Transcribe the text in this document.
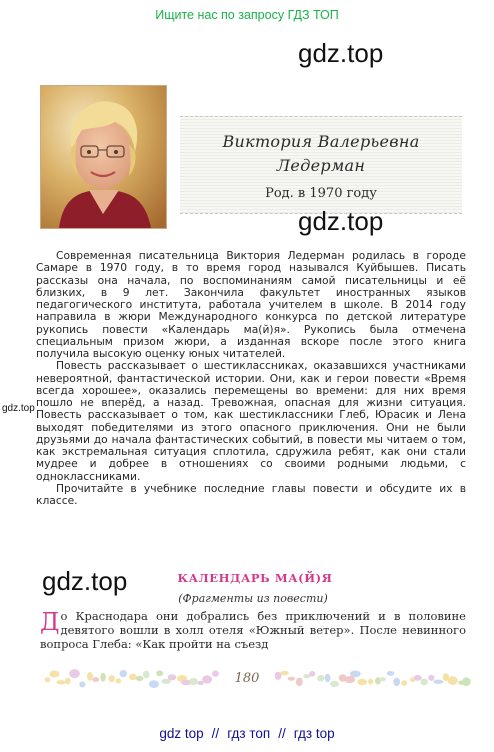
Ищите нас по запросу ГДЗ ТОП
gdz.top
Виктория Валерьевна
Ледерман
Род. в 1970 году
gdz.top

Современная писательница Виктория Ледерман родилась в городе Самаре в 1970 году, в то время город назывался Куйбышев. Писать рассказы она начала, по воспоминаниям самой писательницы и её близких, в 9 лет. Закончила факультет иностранных языков педагогического института, работала учителем в школе. В 2014 году направила в жюри Международного конкурса по детской литературе рукопись повести «Календарь ма(й)я». Рукопись была отмечена специальным призом жюри, а изданная вскоре после этого книга получила высокую оценку юных читателей.

Повесть рассказывает о шестиклассниках, оказавшихся участниками невероятной, фантастической истории. Они, как и герои повести «Время всегда хорошее», оказались перемещены во времени: для них время пошло не вперёд, а назад. Тревожная, опасная для жизни ситуация. Повесть рассказывает о том, как шестиклассники Глеб, Юрасик и Лена выходят победителями из этого опасного приключения. Они не были друзьями до начала фантастических событий, в повести мы читаем о том, как экстремальная ситуация сплотила, сдружила ребят, как они стали мудрее и добрее в отношениях со своими родными людьми, с одноклассниками.

Прочитайте в учебнике последние главы повести и обсудите их в классе.

gdz.top
gdz.top	КАЛЕНДАРЬ МА(Й)Я
(Фрагменты из повести)
До Краснодара они добрались без приключений и в половине девятого вошли в холл отеля «Южный ветер». После невинного вопроса Глеба: «Как пройти на съезд
180
gdz top // гдз топ // гдз top
